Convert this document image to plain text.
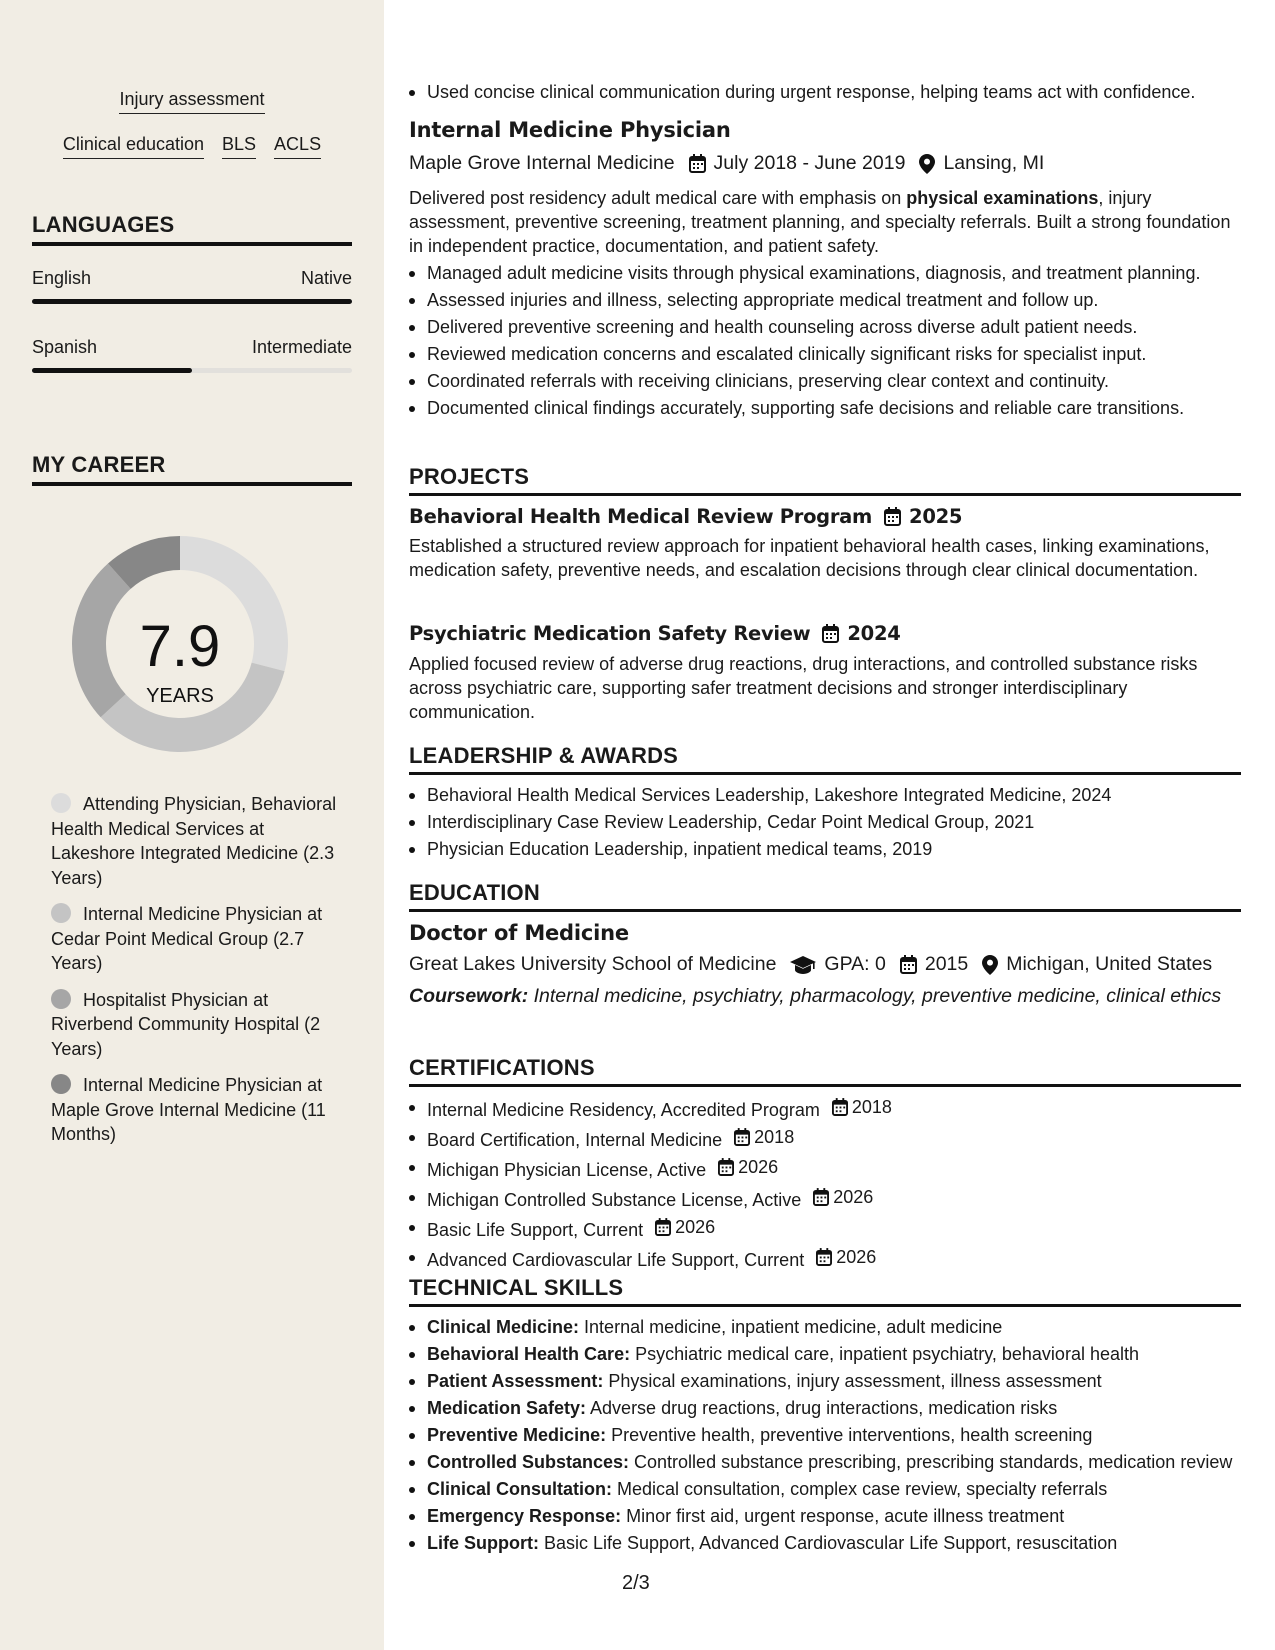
Injury assessment
Clinical education BLS ACLS
LANGUAGES
English	Native
Spanish	Intermediate
MY CAREER
7.9
YEARS
Attending Physician, Behavioral Health Medical Services at Lakeshore Integrated Medicine (2.3 Years)
Internal Medicine Physician at Cedar Point Medical Group (2.7 Years)
Hospitalist Physician at Riverbend Community Hospital (2 Years)
Internal Medicine Physician at Maple Grove Internal Medicine (11 Months)
Used concise clinical communication during urgent response, helping teams act with confidence.
Internal Medicine Physician
Maple Grove Internal Medicine July 2018 - June 2019 Lansing, MI
Delivered post residency adult medical care with emphasis on physical examinations, injury assessment, preventive screening, treatment planning, and specialty referrals. Built a strong foundation in independent practice, documentation, and patient safety.
Managed adult medicine visits through physical examinations, diagnosis, and treatment planning.
Assessed injuries and illness, selecting appropriate medical treatment and follow up.
Delivered preventive screening and health counseling across diverse adult patient needs.
Reviewed medication concerns and escalated clinically significant risks for specialist input.
Coordinated referrals with receiving clinicians, preserving clear context and continuity.
Documented clinical findings accurately, supporting safe decisions and reliable care transitions.
PROJECTS
Behavioral Health Medical Review Program 2025
Established a structured review approach for inpatient behavioral health cases, linking examinations, medication safety, preventive needs, and escalation decisions through clear clinical documentation.
Psychiatric Medication Safety Review 2024
Applied focused review of adverse drug reactions, drug interactions, and controlled substance risks across psychiatric care, supporting safer treatment decisions and stronger interdisciplinary communication.
LEADERSHIP & AWARDS
Behavioral Health Medical Services Leadership, Lakeshore Integrated Medicine, 2024
Interdisciplinary Case Review Leadership, Cedar Point Medical Group, 2021
Physician Education Leadership, inpatient medical teams, 2019
EDUCATION
Doctor of Medicine
Great Lakes University School of Medicine GPA: 0 2015 Michigan, United States
Coursework: Internal medicine, psychiatry, pharmacology, preventive medicine, clinical ethics
CERTIFICATIONS
Internal Medicine Residency, Accredited Program 2018
Board Certification, Internal Medicine 2018
Michigan Physician License, Active 2026
Michigan Controlled Substance License, Active 2026
Basic Life Support, Current 2026
Advanced Cardiovascular Life Support, Current 2026
TECHNICAL SKILLS
Clinical Medicine: Internal medicine, inpatient medicine, adult medicine
Behavioral Health Care: Psychiatric medical care, inpatient psychiatry, behavioral health
Patient Assessment: Physical examinations, injury assessment, illness assessment
Medication Safety: Adverse drug reactions, drug interactions, medication risks
Preventive Medicine: Preventive health, preventive interventions, health screening
Controlled Substances: Controlled substance prescribing, prescribing standards, medication review
Clinical Consultation: Medical consultation, complex case review, specialty referrals
Emergency Response: Minor first aid, urgent response, acute illness treatment
Life Support: Basic Life Support, Advanced Cardiovascular Life Support, resuscitation
2/3
